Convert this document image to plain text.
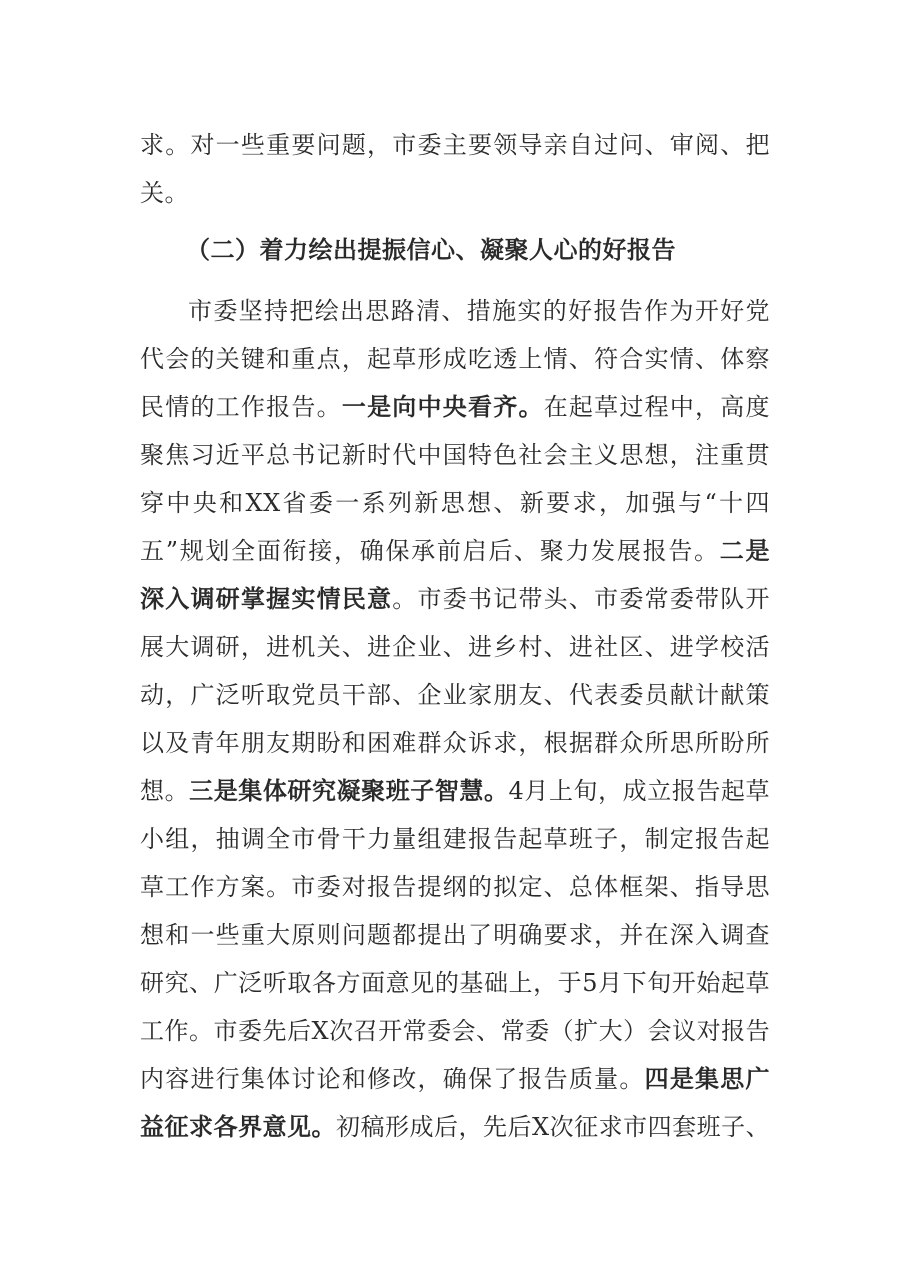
求。对一些重要问题，市委主要领导亲自过问、审阅、把
关。
（二）着力绘出提振信心、凝聚人心的好报告
市委坚持把绘出思路清、措施实的好报告作为开好党
代会的关键和重点，起草形成吃透上情、符合实情、体察
民情的工作报告。一是向中央看齐。在起草过程中，高度
聚焦习近平总书记新时代中国特色社会主义思想，注重贯
穿中央和XX省委一系列新思想、新要求，加强与“十四
五”规划全面衔接，确保承前启后、聚力发展报告。二是
深入调研掌握实情民意。市委书记带头、市委常委带队开
展大调研，进机关、进企业、进乡村、进社区、进学校活
动，广泛听取党员干部、企业家朋友、代表委员献计献策
以及青年朋友期盼和困难群众诉求，根据群众所思所盼所
想。三是集体研究凝聚班子智慧。4月上旬，成立报告起草
小组，抽调全市骨干力量组建报告起草班子，制定报告起
草工作方案。市委对报告提纲的拟定、总体框架、指导思
想和一些重大原则问题都提出了明确要求，并在深入调查
研究、广泛听取各方面意见的基础上，于5月下旬开始起草
工作。市委先后X次召开常委会、常委（扩大）会议对报告
内容进行集体讨论和修改，确保了报告质量。四是集思广
益征求各界意见。初稿形成后，先后X次征求市四套班子、
